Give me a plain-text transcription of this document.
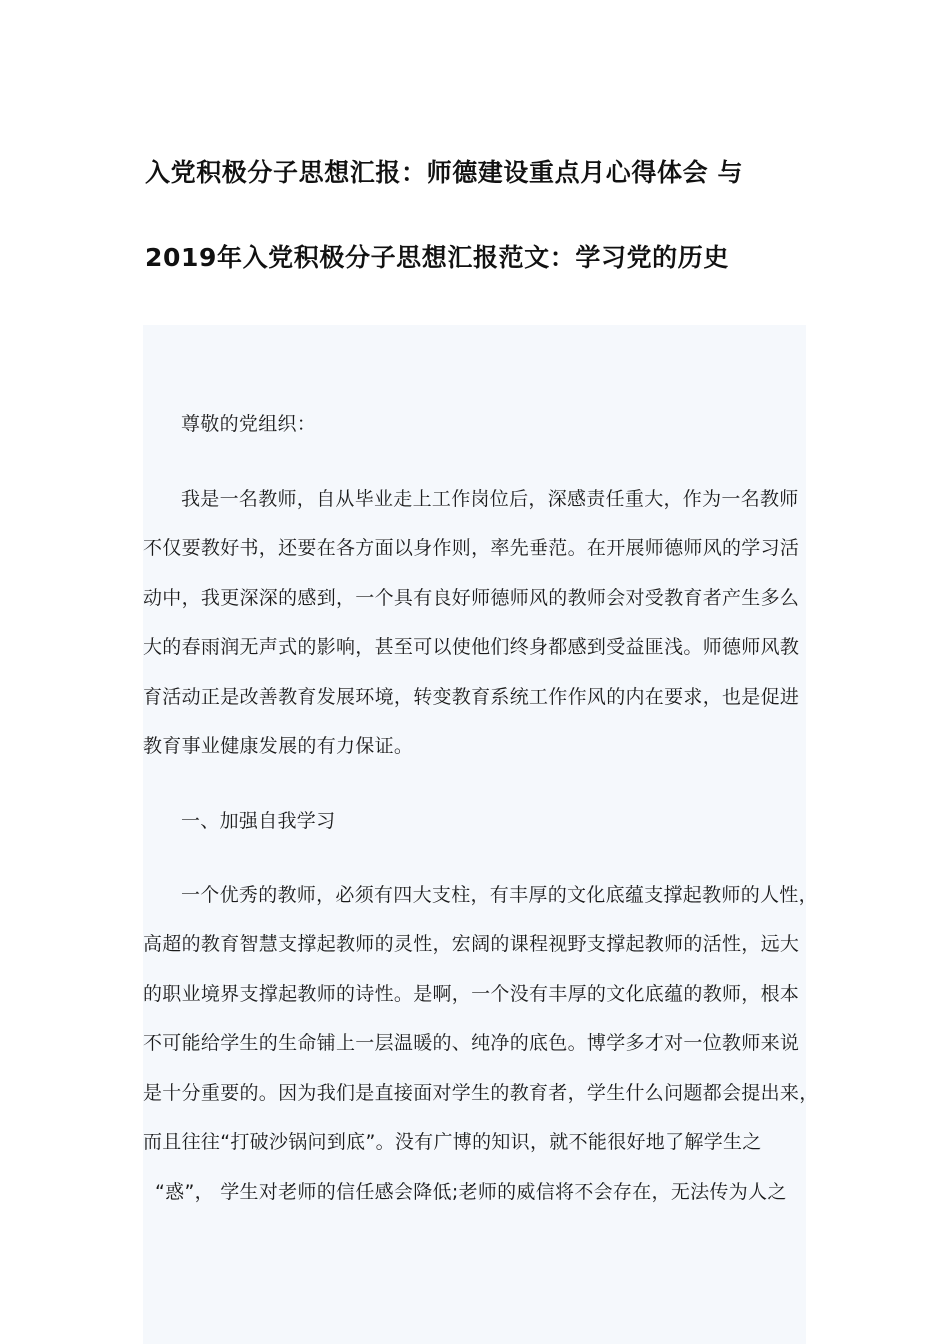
入党积极分子思想汇报：师德建设重点月心得体会 与
2019年入党积极分子思想汇报范文：学习党的历史

尊敬的党组织：

我是一名教师，自从毕业走上工作岗位后，深感责任重大，作为一名教师

不仅要教好书，还要在各方面以身作则，率先垂范。在开展师德师风的学习活

动中，我更深深的感到，一个具有良好师德师风的教师会对受教育者产生多么

大的春雨润无声式的影响，甚至可以使他们终身都感到受益匪浅。师德师风教

育活动正是改善教育发展环境，转变教育系统工作作风的内在要求，也是促进

教育事业健康发展的有力保证。

一、加强自我学习

一个优秀的教师，必须有四大支柱，有丰厚的文化底蕴支撑起教师的人性，

高超的教育智慧支撑起教师的灵性，宏阔的课程视野支撑起教师的活性，远大

的职业境界支撑起教师的诗性。是啊，一个没有丰厚的文化底蕴的教师，根本

不可能给学生的生命铺上一层温暖的、纯净的底色。博学多才对一位教师来说

是十分重要的。因为我们是直接面对学生的教育者，学生什么问题都会提出来，

而且往往“打破沙锅问到底”。没有广博的知识，就不能很好地了解学生之

“惑”， 学生对老师的信任感会降低;老师的威信将不会存在，无法传为人之
